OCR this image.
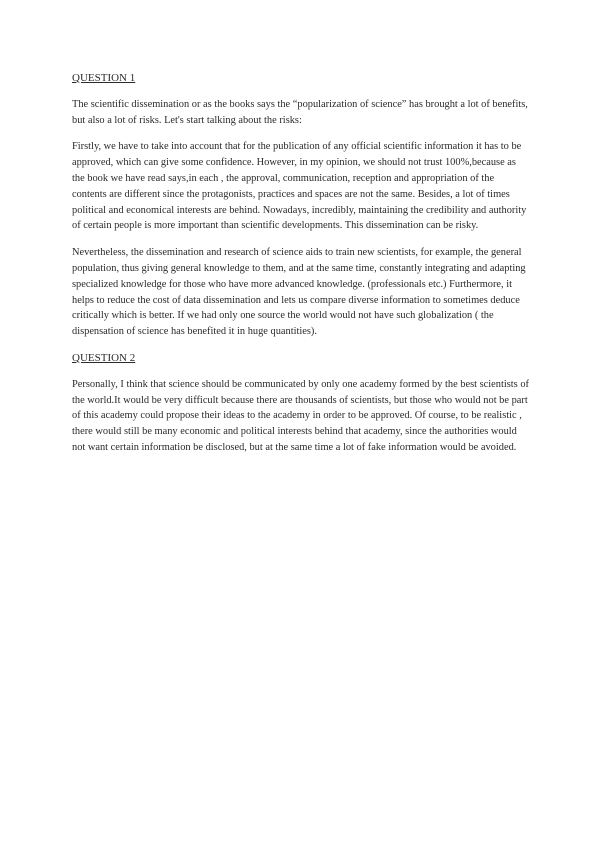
QUESTION 1

The scientific dissemination or as the books says the “popularization of science” has brought a lot of benefits, but also a lot of risks. Let's start talking about the risks:

Firstly, we have to take into account that for the publication of any official scientific information it has to be approved, which can give some confidence. However, in my opinion, we should not trust 100%,because as the book we have read says,in each , the approval, communication, reception and appropriation of the contents are different since the protagonists, practices and spaces are not the same. Besides, a lot of times political and economical interests are behind. Nowadays, incredibly, maintaining the credibility and authority of certain people is more important than scientific developments. This dissemination can be risky.

Nevertheless, the dissemination and research of science aids to train new scientists, for example, the general population, thus giving general knowledge to them, and at the same time, constantly integrating and adapting specialized knowledge for those who have more advanced knowledge. (professionals etc.) Furthermore, it helps to reduce the cost of data dissemination and lets us compare diverse information to sometimes deduce critically which is better. If we had only one source the world would not have such globalization ( the dispensation of science has benefited it in huge quantities).

QUESTION 2

Personally, I think that science should be communicated by only one academy formed by the best scientists of the world.It would be very difficult because there are thousands of scientists, but those who would not be part of this academy could propose their ideas to the academy in order to be approved. Of course, to be realistic , there would still be many economic and political interests behind that academy, since the authorities would not want certain information be disclosed, but at the same time a lot of fake information would be avoided.
